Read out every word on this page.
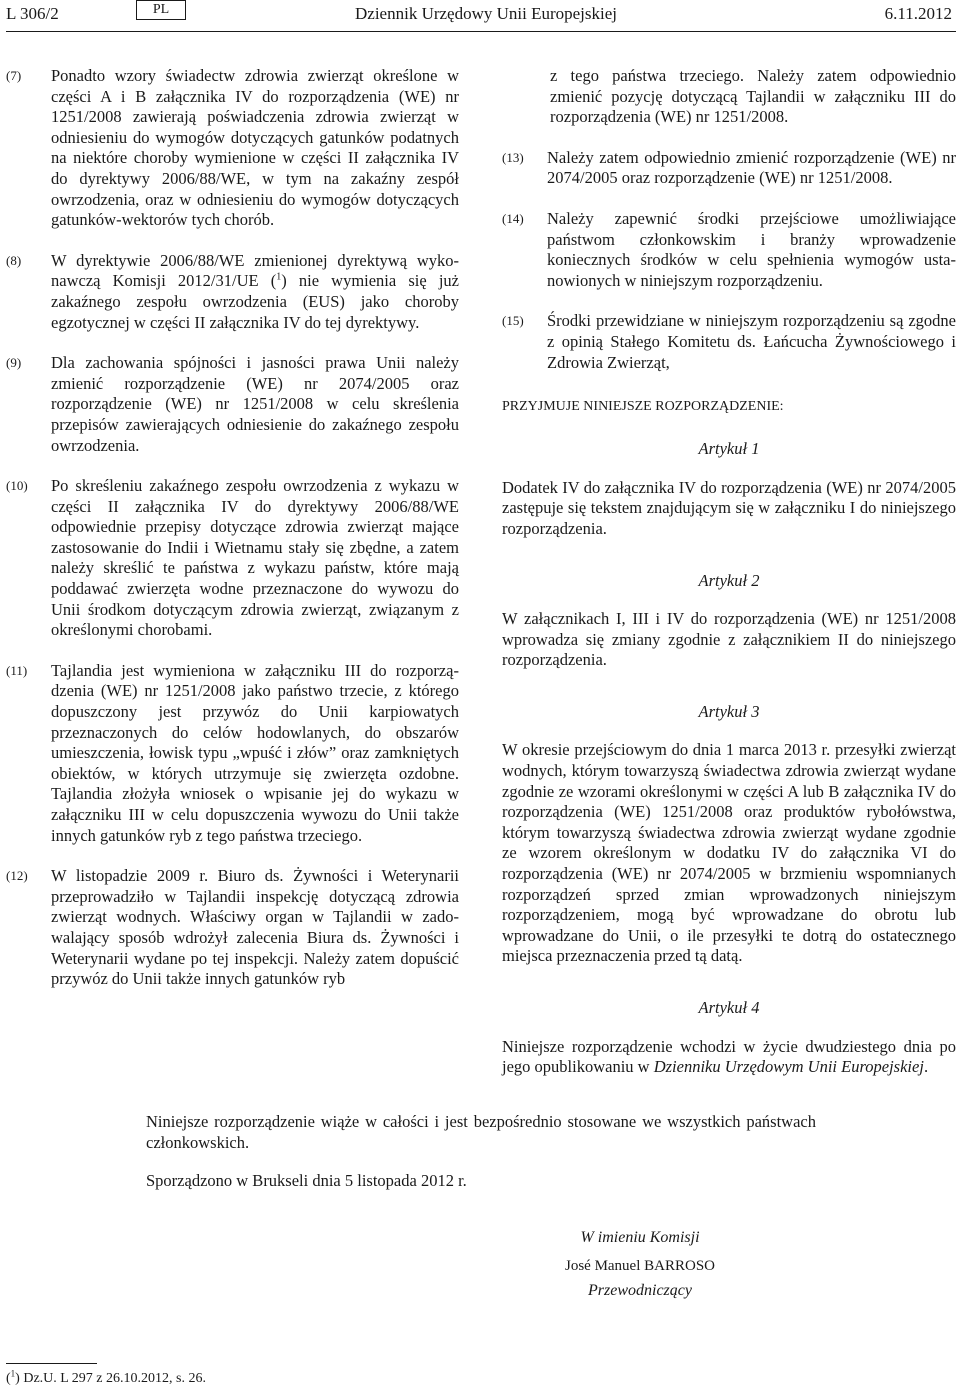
L 306/2	PL	Dziennik Urzędowy Unii Europejskiej	6.11.2012
(7) Ponadto wzory świadectw zdrowia zwierząt określone w części A i B załącznika IV do rozporządzenia (WE) nr 1251/2008 zawierają poświadczenia zdrowia zwierząt w odniesieniu do wymogów dotyczących gatunków podatnych na niektóre choroby wymienione w części II załącznika IV do dyrektywy 2006/88/WE, w tym na zakaźny zespół owrzodzenia, oraz w odniesieniu do wymogów dotyczących gatunków-wektorów tych chorób.
(8) W dyrektywie 2006/88/WE zmienionej dyrektywą wykonawczą Komisji 2012/31/UE ($^1$) nie wymienia się już zakaźnego zespołu owrzodzenia (EUS) jako choroby egzotycznej w części II załącznika IV do tej dyrektywy.
(9) Dla zachowania spójności i jasności prawa Unii należy zmienić rozporządzenie (WE) nr 2074/2005 oraz rozporządzenie (WE) nr 1251/2008 w celu skreślenia przepisów zawierających odniesienie do zakaźnego zespołu owrzodzenia.
(10) Po skreśleniu zakaźnego zespołu owrzodzenia z wykazu w części II załącznika IV do dyrektywy 2006/88/WE odpowiednie przepisy dotyczące zdrowia zwierząt mające zastosowanie do Indii i Wietnamu stały się zbędne, a zatem należy skreślić te państwa z wykazu państw, które mają poddawać zwierzęta wodne przeznaczone do wywozu do Unii środkom dotyczącym zdrowia zwierząt, związanym z określonymi chorobami.
(11) Tajlandia jest wymieniona w załączniku III do rozporządzenia (WE) nr 1251/2008 jako państwo trzecie, z którego dopuszczony jest przywóz do Unii karpiowatych przeznaczonych do celów hodowlanych, do obszarów umieszczenia, łowisk typu „wpuść i złów” oraz zamkniętych obiektów, w których utrzymuje się zwierzęta ozdobne. Tajlandia złożyła wniosek o wpisanie jej do wykazu w załączniku III w celu dopuszczenia wywozu do Unii także innych gatunków ryb z tego państwa trzeciego.
(12) W listopadzie 2009 r. Biuro ds. Żywności i Weterynarii przeprowadziło w Tajlandii inspekcję dotyczącą zdrowia zwierząt wodnych. Właściwy organ w Tajlandii w zadowalający sposób wdrożył zalecenia Biura ds. Żywności i Weterynarii wydane po tej inspekcji. Należy zatem dopuścić przywóz do Unii także innych gatunków ryb
z tego państwa trzeciego. Należy zatem odpowiednio zmienić pozycję dotyczącą Tajlandii w załączniku III do rozporządzenia (WE) nr 1251/2008.
(13) Należy zatem odpowiednio zmienić rozporządzenie (WE) nr 2074/2005 oraz rozporządzenie (WE) nr 1251/2008.
(14) Należy zapewnić środki przejściowe umożliwiające państwom członkowskim i branży wprowadzenie koniecznych środków w celu spełnienia wymogów ustanowionych w niniejszym rozporządzeniu.
(15) Środki przewidziane w niniejszym rozporządzeniu są zgodne z opinią Stałego Komitetu ds. Łańcucha Żywnościowego i Zdrowia Zwierząt,
PRZYJMUJE NINIEJSZE ROZPORZĄDZENIE:
Artykuł 1
Dodatek IV do załącznika IV do rozporządzenia (WE) nr 2074/2005 zastępuje się tekstem znajdującym się w załączniku I do niniejszego rozporządzenia.
Artykuł 2
W załącznikach I, III i IV do rozporządzenia (WE) nr 1251/2008 wprowadza się zmiany zgodnie z załącznikiem II do niniejszego rozporządzenia.
Artykuł 3
W okresie przejściowym do dnia 1 marca 2013 r. przesyłki zwierząt wodnych, którym towarzyszą świadectwa zdrowia zwierząt wydane zgodnie ze wzorami określonymi w części A lub B załącznika IV do rozporządzenia (WE) 1251/2008 oraz produktów rybołówstwa, którym towarzyszą świadectwa zdrowia zwierząt wydane zgodnie ze wzorem określonym w dodatku IV do załącznika VI do rozporządzenia (WE) nr 2074/2005 w brzmieniu wspomnianych rozporządzeń sprzed zmian wprowadzonych niniejszym rozporządzeniem, mogą być wprowadzane do obrotu lub wprowadzane do Unii, o ile przesyłki te dotrą do ostatecznego miejsca przeznaczenia przed tą datą.
Artykuł 4
Niniejsze rozporządzenie wchodzi w życie dwudziestego dnia po jego opublikowaniu w Dzienniku Urzędowym Unii Europejskiej.
Niniejsze rozporządzenie wiąże w całości i jest bezpośrednio stosowane we wszystkich państwach członkowskich.
Sporządzono w Brukseli dnia 5 listopada 2012 r.
W imieniu Komisji
José Manuel BARROSO
Przewodniczący
($^1$) Dz.U. L 297 z 26.10.2012, s. 26.
